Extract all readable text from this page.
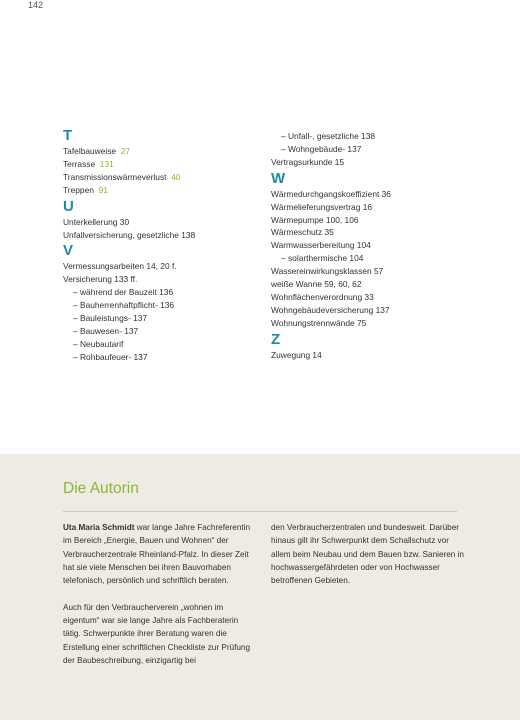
142
T
Tafelbauweise 27
Terrasse 131
Transmissionswärmeverlust 40
Treppen 91
U
Unterkellerung 30
Unfallversicherung, gesetzliche 138
V
Vermessungsarbeiten 14, 20 f.
Versicherung 133 ff.
– während der Bauzeit 136
– Bauherrenhaftpflicht- 136
– Bauleistungs- 137
– Bauwesen- 137
– Neubautarif
– Rohbaufeuer- 137
– Unfall-, gesetzliche 138
– Wohngebäude- 137
Vertragsurkunde 15
W
Wärmedurchgangskoeffizient 36
Wärmelieferungsvertrag 16
Wärmepumpe 100, 106
Wärmeschutz 35
Warmwasserbereitung 104
– solarthermische 104
Wassereinwirkungsklassen 57
weiße Wanne 59, 60, 62
Wohnflächenverordnung 33
Wohngebäudeversicherung 137
Wohnungstrennwände 75
Z
Zuwegung 14
Die Autorin

Uta Maria Schmidt war lange Jahre Fachreferentin im Bereich „Energie, Bauen und Wohnen“ der Verbraucherzentrale Rheinland-Pfalz. In dieser Zeit hat sie viele Menschen bei ihren Bauvorhaben telefonisch, persönlich und schriftlich beraten.

Auch für den Verbraucherverein „wohnen im eigentum“ war sie lange Jahre als Fachberaterin tätig. Schwerpunkte ihrer Beratung waren die Erstellung einer schriftlichen Checkliste zur Prüfung der Baubeschreibung, einzigartig bei

den Verbraucherzentralen und bundesweit. Darüber hinaus gilt ihr Schwerpunkt dem Schallschutz vor allem beim Neubau und dem Bauen bzw. Sanieren in hochwassergefährdeten oder von Hochwasser betroffenen Gebieten.
